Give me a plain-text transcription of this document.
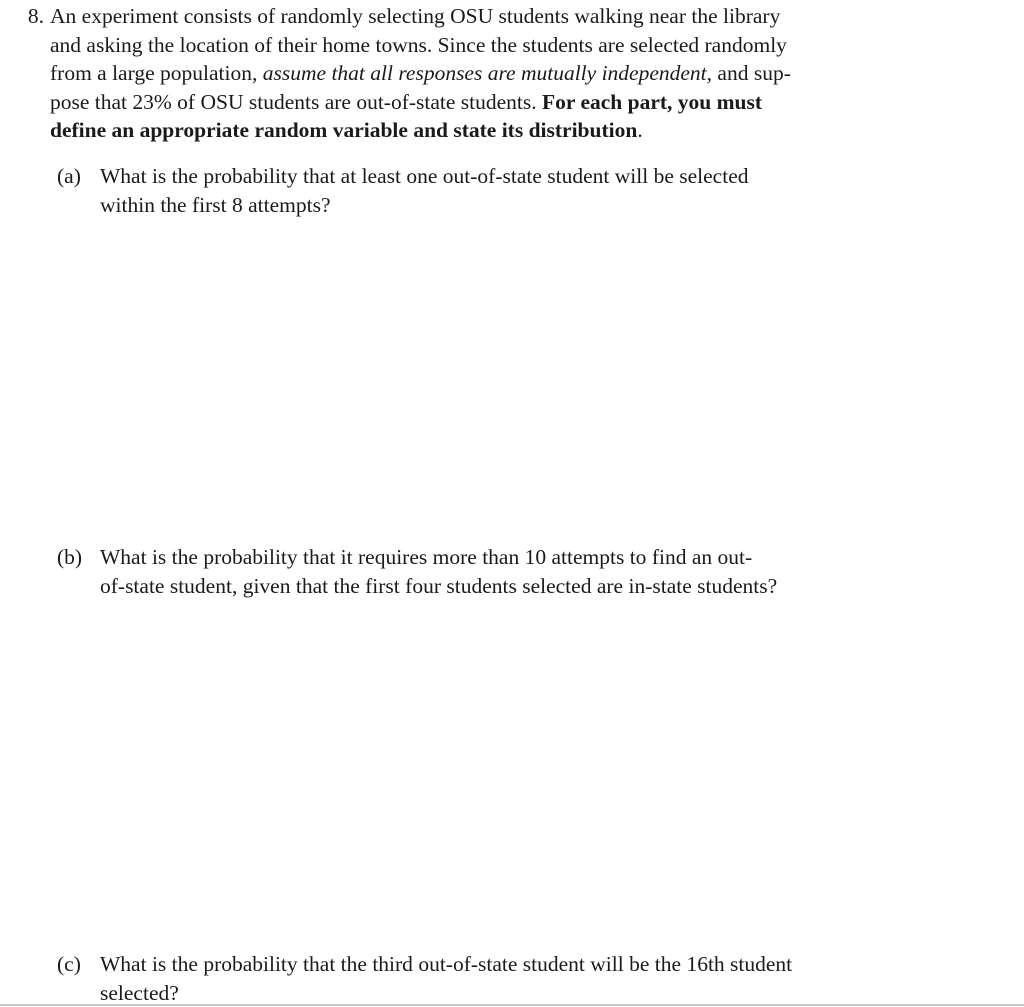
8. An experiment consists of randomly selecting OSU students walking near the library
and asking the location of their home towns. Since the students are selected randomly
from a large population, assume that all responses are mutually independent, and sup-
pose that 23% of OSU students are out-of-state students. For each part, you must
define an appropriate random variable and state its distribution.
(a) What is the probability that at least one out-of-state student will be selected
within the first 8 attempts?
(b) What is the probability that it requires more than 10 attempts to find an out-
of-state student, given that the first four students selected are in-state students?
(c) What is the probability that the third out-of-state student will be the 16th student
selected?
